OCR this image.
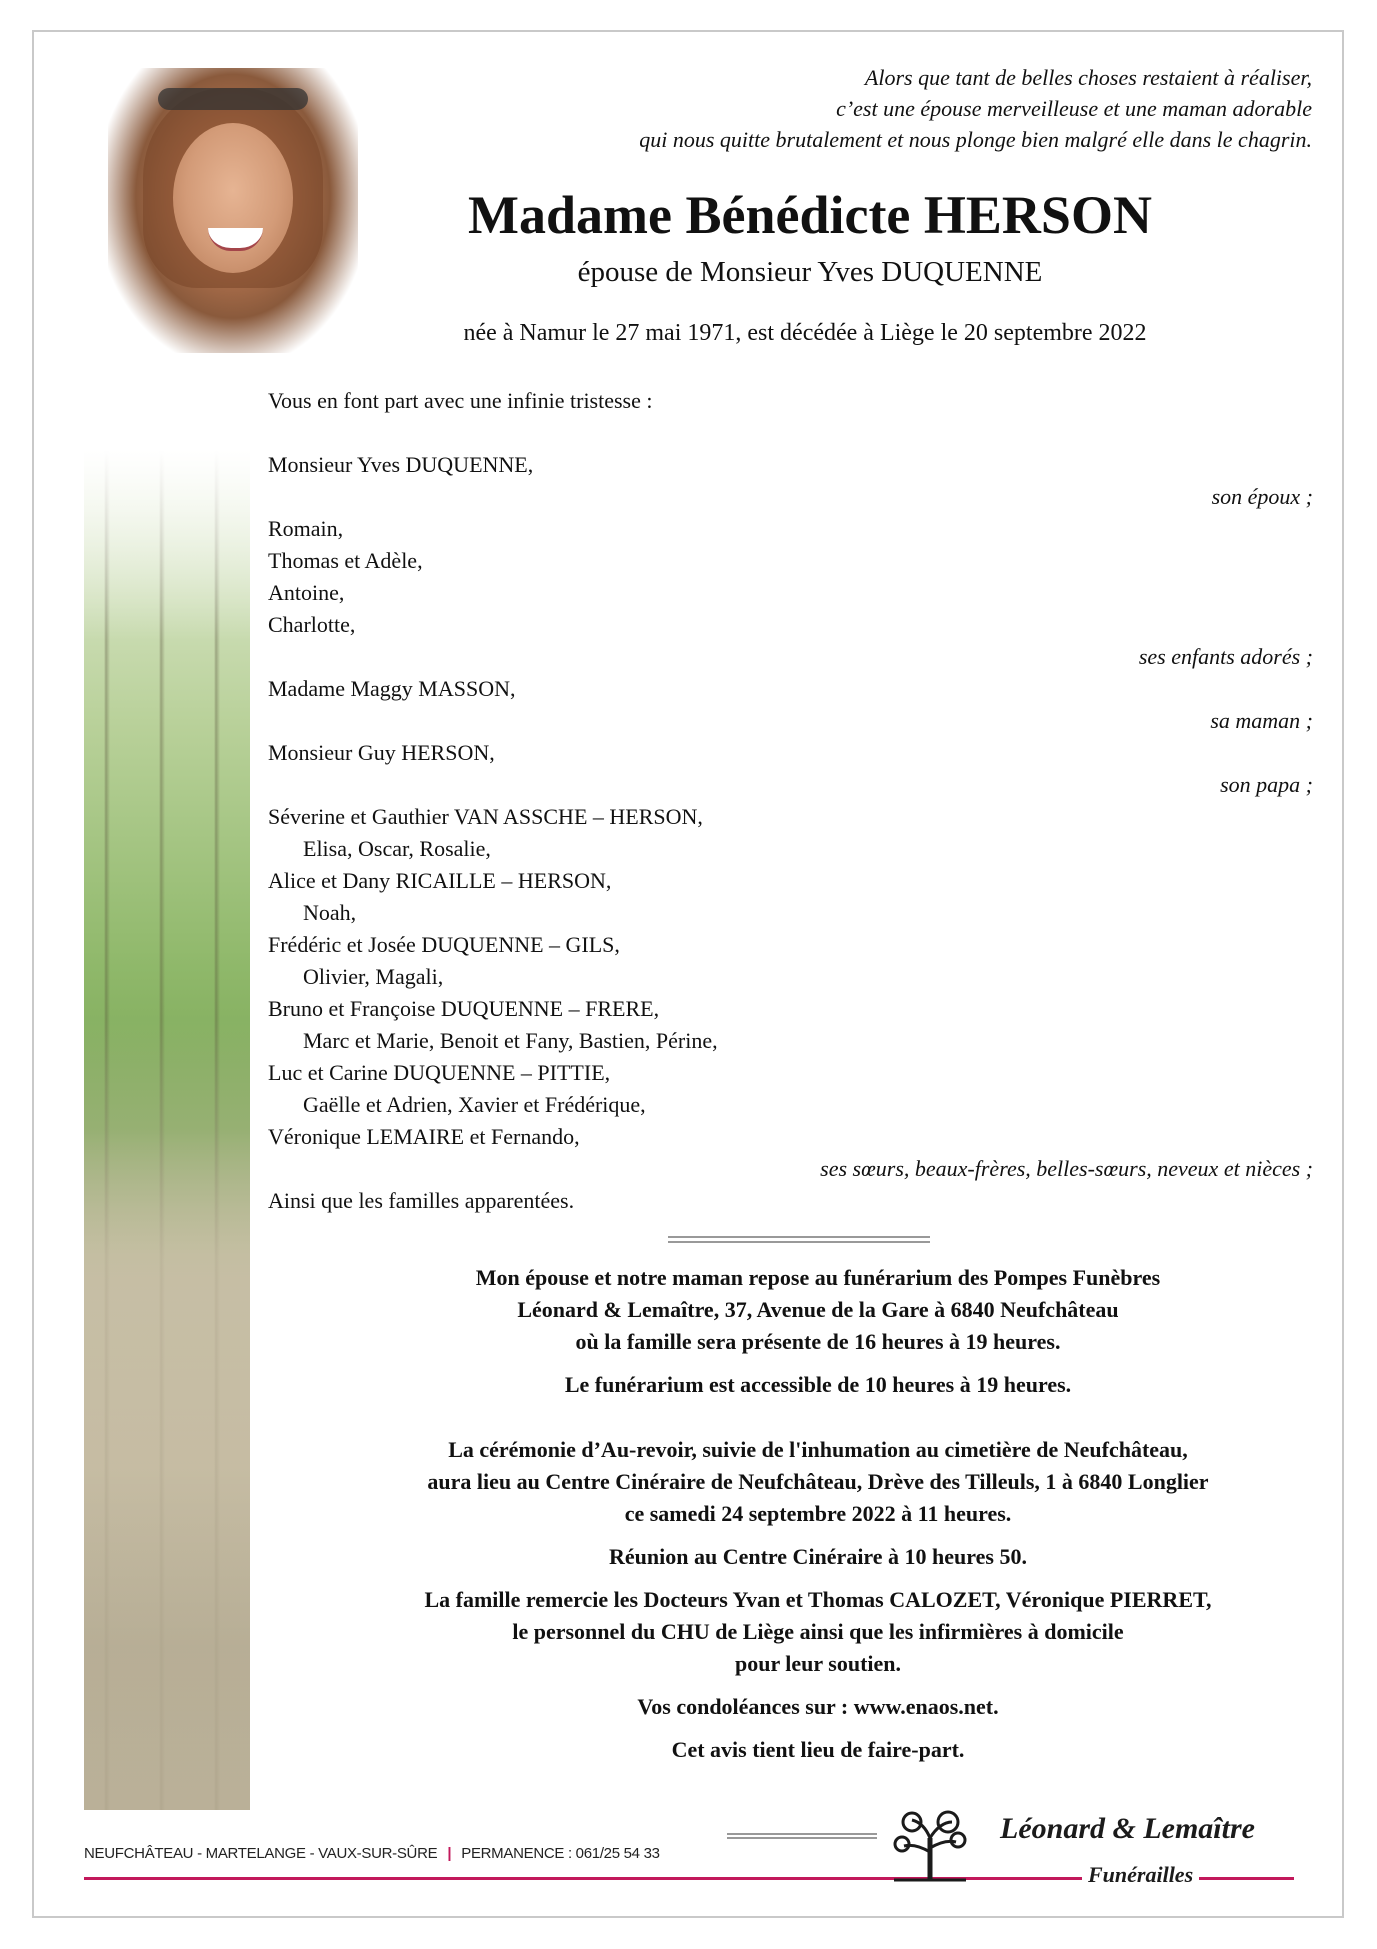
Alors que tant de belles choses restaient à réaliser,
c’est une épouse merveilleuse et une maman adorable
qui nous quitte brutalement et nous plonge bien malgré elle dans le chagrin.
Madame Bénédicte HERSON
épouse de Monsieur Yves DUQUENNE
née à Namur le 27 mai 1971, est décédée à Liège le 20 septembre 2022
Vous en font part avec une infinie tristesse :
Monsieur Yves DUQUENNE,
son époux ;
Romain,
Thomas et Adèle,
Antoine,
Charlotte,
ses enfants adorés ;
Madame Maggy MASSON,
sa maman ;
Monsieur Guy HERSON,
son papa ;
Séverine et Gauthier VAN ASSCHE – HERSON,
Elisa, Oscar, Rosalie,
Alice et Dany RICAILLE – HERSON,
Noah,
Frédéric et Josée DUQUENNE – GILS,
Olivier, Magali,
Bruno et Françoise DUQUENNE – FRERE,
Marc et Marie, Benoit et Fany, Bastien, Périne,
Luc et Carine DUQUENNE – PITTIE,
Gaëlle et Adrien, Xavier et Frédérique,
Véronique LEMAIRE et Fernando,
ses sœurs, beaux-frères, belles-sœurs, neveux et nièces ;
Ainsi que les familles apparentées.

Mon épouse et notre maman repose au funérarium des Pompes Funèbres

Léonard & Lemaître, 37, Avenue de la Gare à 6840 Neufchâteau

où la famille sera présente de 16 heures à 19 heures.

Le funérarium est accessible de 10 heures à 19 heures.

La cérémonie d’Au-revoir, suivie de l'inhumation au cimetière de Neufchâteau,

aura lieu au Centre Cinéraire de Neufchâteau, Drève des Tilleuls, 1 à 6840 Longlier

ce samedi 24 septembre 2022 à 11 heures.

Réunion au Centre Cinéraire à 10 heures 50.

La famille remercie les Docteurs Yvan et Thomas CALOZET, Véronique PIERRET,

le personnel du CHU de Liège ainsi que les infirmières à domicile

pour leur soutien.

Vos condoléances sur : www.enaos.net.

Cet avis tient lieu de faire-part.

NEUFCHÂTEAU - MARTELANGE - VAUX-SUR-SÛRE | PERMANENCE : 061/25 54 33
Léonard & Lemaître
Funérailles
